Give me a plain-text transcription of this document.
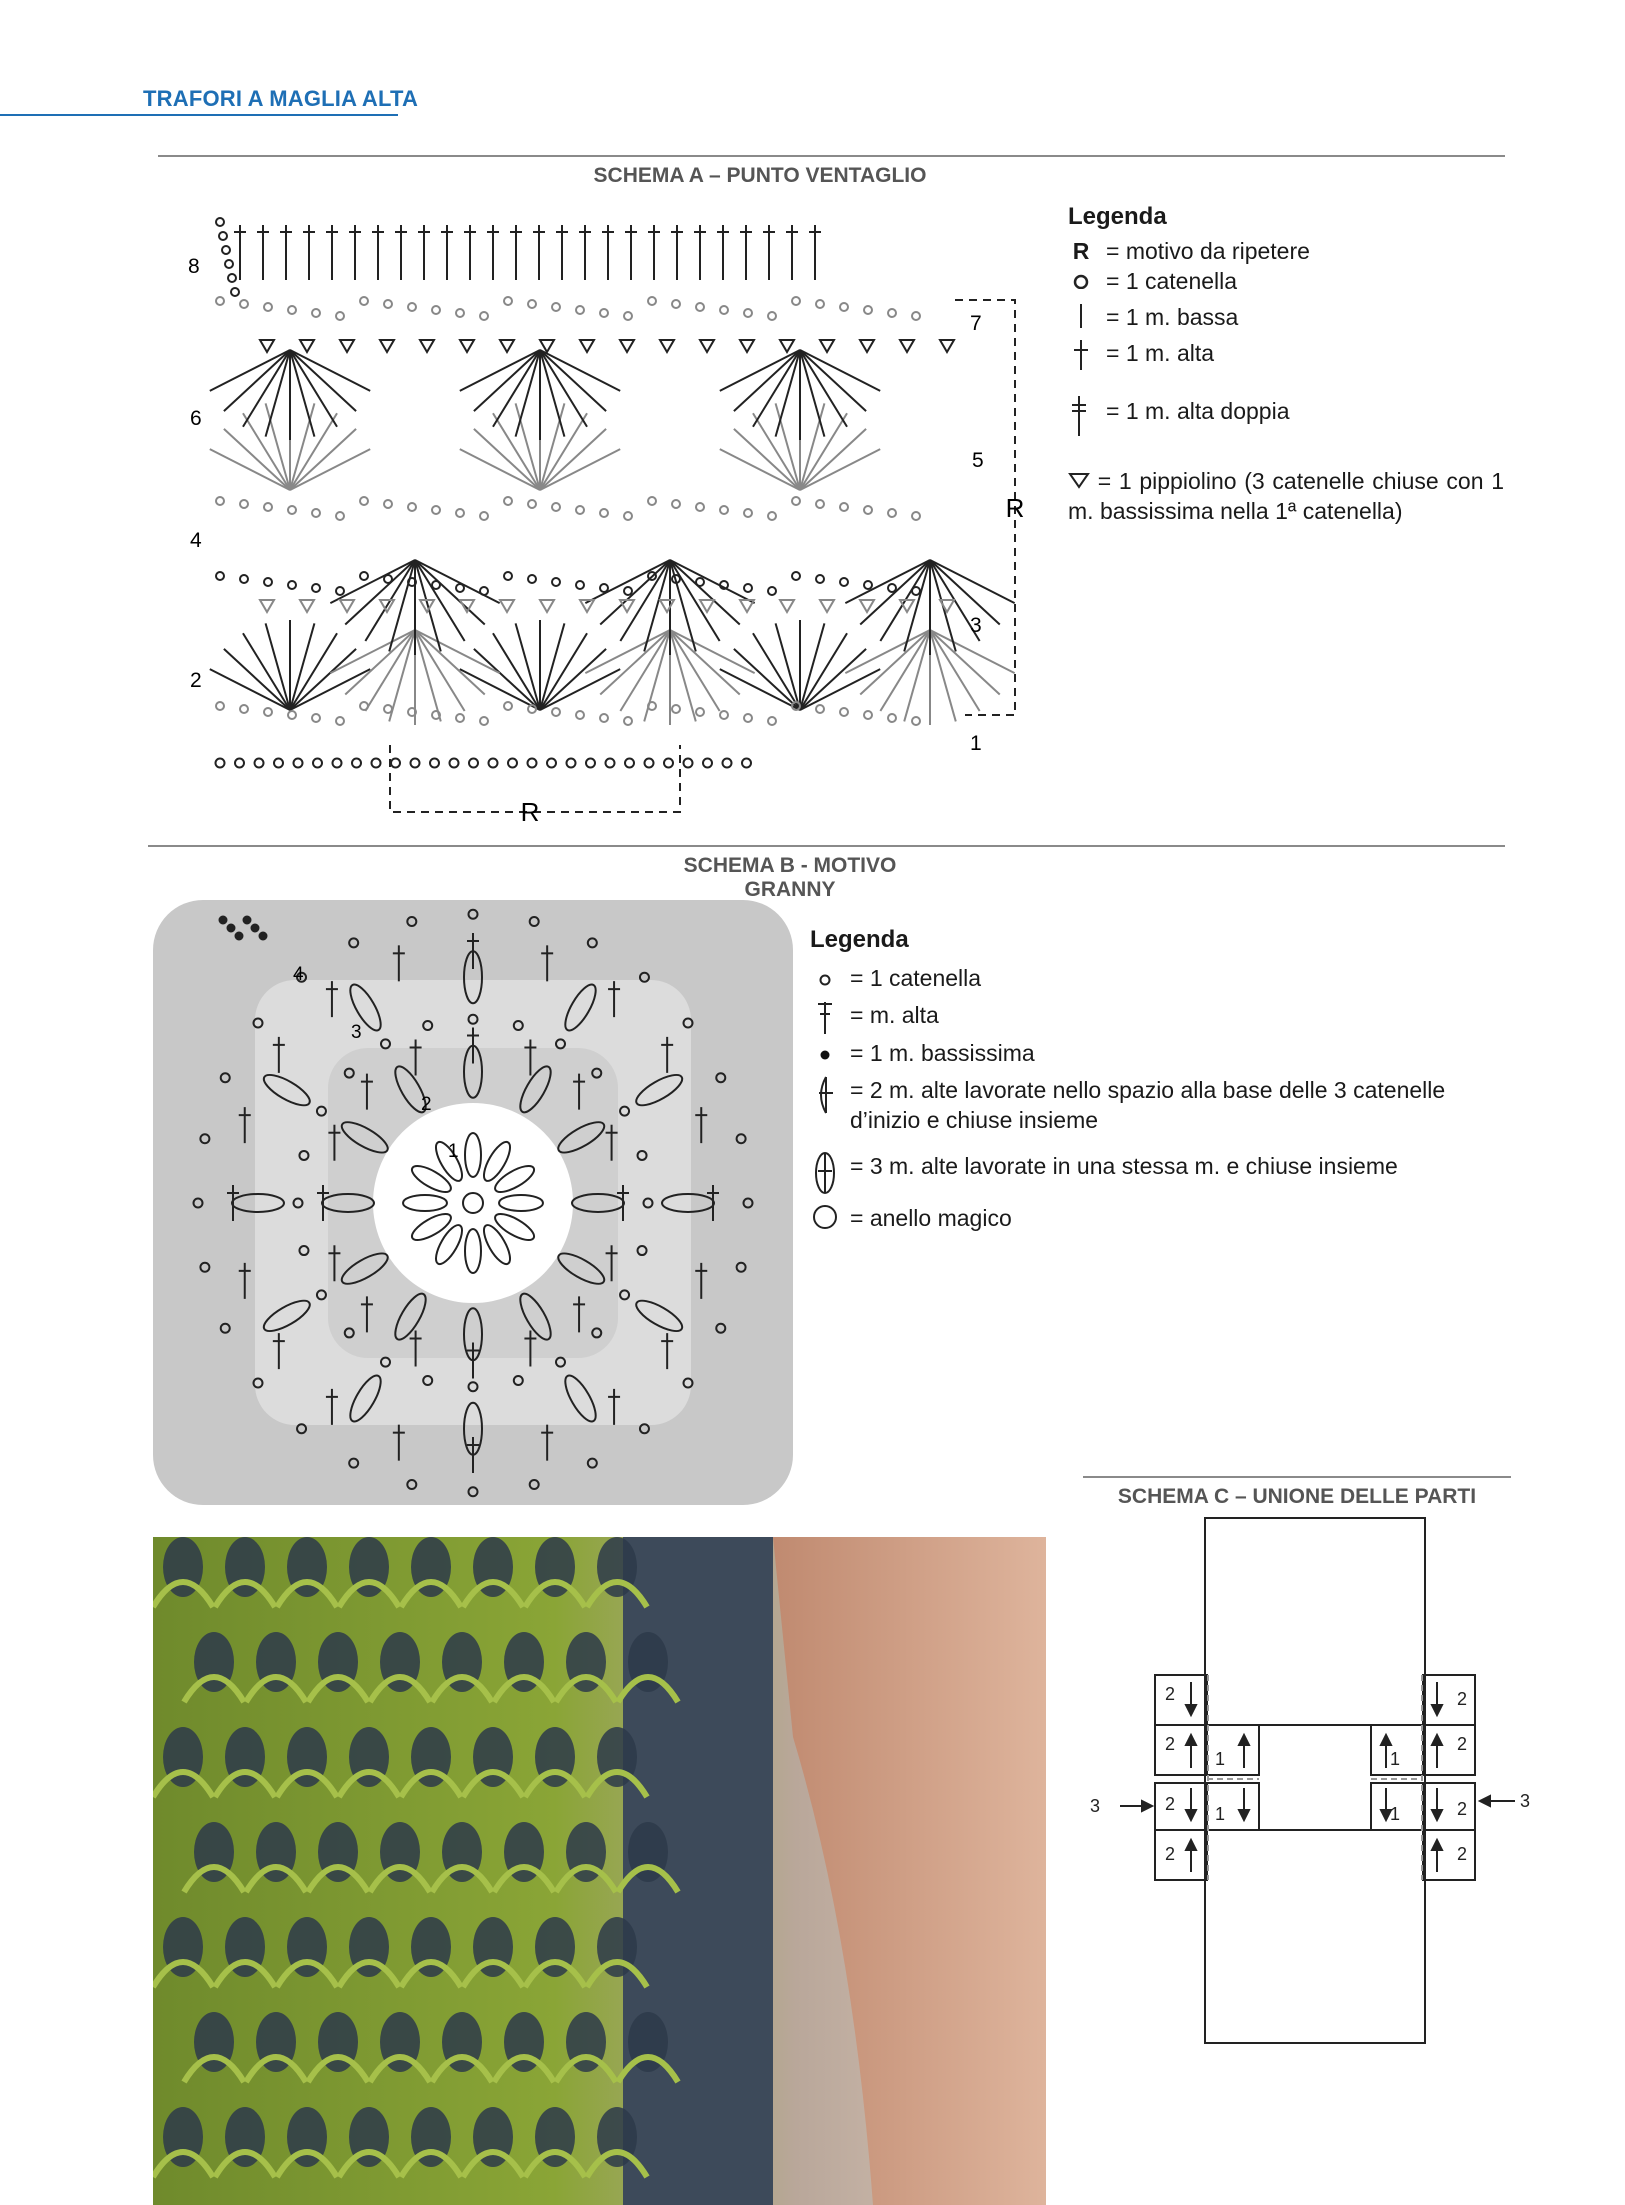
TRAFORI A MAGLIA ALTA
SCHEMA A – PUNTO VENTAGLIO
R
R
8
6
4
2
7
5
3
1
Legenda
R = motivo da ripetere
= 1 catenella
= 1 m. bassa
= 1 m. alta
= 1 m. alta doppia
= 1 pippiolino (3 catenelle chiuse con 1 m. bassissima nella 1ª catenella)
SCHEMA B - MOTIVO GRANNY
1
2
3
4
Legenda
= 1 catenella
= m. alta
= 1 m. bassissima
= 2 m. alte lavorate nello spazio alla base delle 3 catenelle d’inizio e chiuse insieme
= 3 m. alte lavorate in una stessa m. e chiuse insieme
= anello magico
SCHEMA C – UNIONE DELLE PARTI
2
2
1
3	2 1
2
2
2
1
2
1
2
3
